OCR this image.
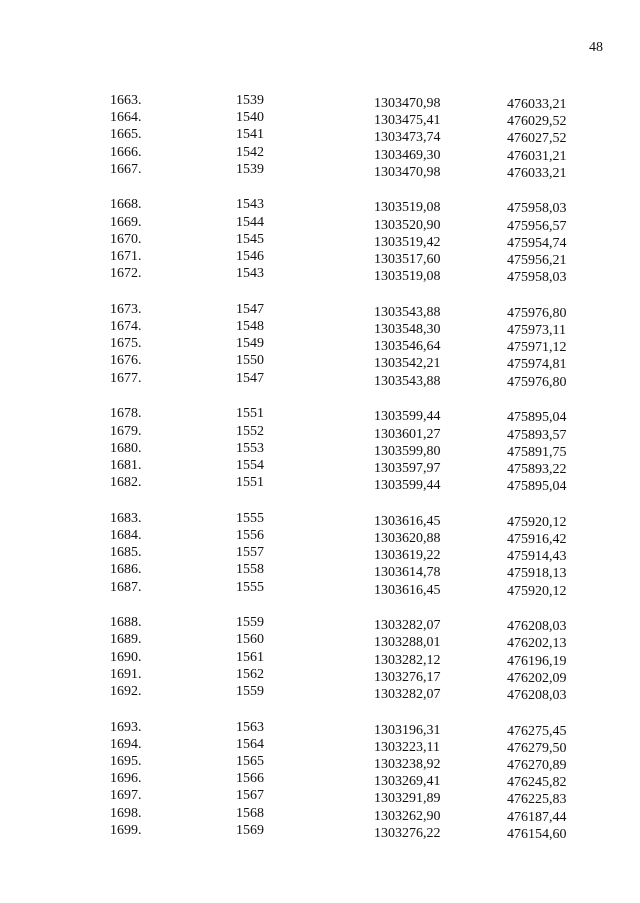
48
1663.	1539	1303470,98	476033,21
1664.	1540	1303475,41	476029,52
1665.	1541	1303473,74	476027,52
1666.	1542	1303469,30	476031,21
1667.	1539	1303470,98	476033,21
1668.	1543	1303519,08	475958,03
1669.	1544	1303520,90	475956,57
1670.	1545	1303519,42	475954,74
1671.	1546	1303517,60	475956,21
1672.	1543	1303519,08	475958,03
1673.	1547	1303543,88	475976,80
1674.	1548	1303548,30	475973,11
1675.	1549	1303546,64	475971,12
1676.	1550	1303542,21	475974,81
1677.	1547	1303543,88	475976,80
1678.	1551	1303599,44	475895,04
1679.	1552	1303601,27	475893,57
1680.	1553	1303599,80	475891,75
1681.	1554	1303597,97	475893,22
1682.	1551	1303599,44	475895,04
1683.	1555	1303616,45	475920,12
1684.	1556	1303620,88	475916,42
1685.	1557	1303619,22	475914,43
1686.	1558	1303614,78	475918,13
1687.	1555	1303616,45	475920,12
1688.	1559	1303282,07	476208,03
1689.	1560	1303288,01	476202,13
1690.	1561	1303282,12	476196,19
1691.	1562	1303276,17	476202,09
1692.	1559	1303282,07	476208,03
1693.	1563	1303196,31	476275,45
1694.	1564	1303223,11	476279,50
1695.	1565	1303238,92	476270,89
1696.	1566	1303269,41	476245,82
1697.	1567	1303291,89	476225,83
1698.	1568	1303262,90	476187,44
1699.	1569	1303276,22	476154,60
